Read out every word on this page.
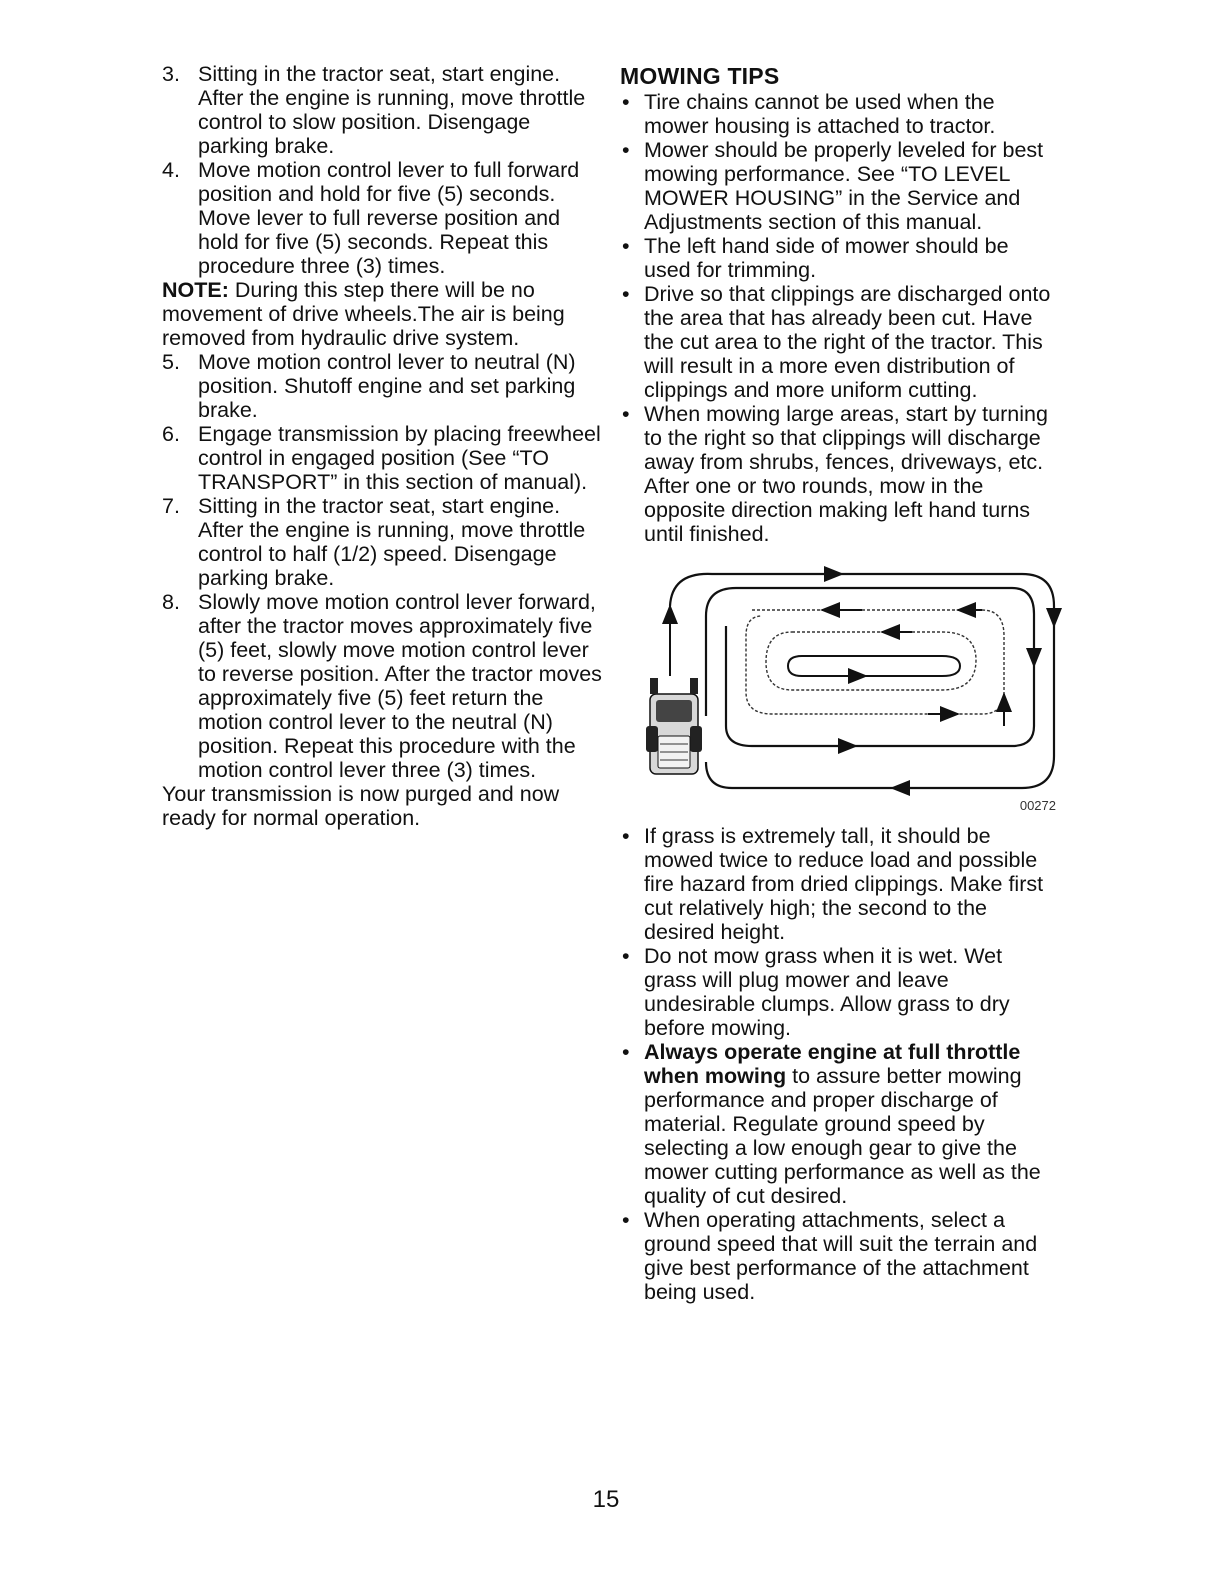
3. Sitting in the tractor seat, start engine. After the engine is running, move throttle control to slow position. Disengage parking brake.
4. Move motion control lever to full forward position and hold for five (5) seconds. Move lever to full reverse position and hold for five (5) seconds. Repeat this procedure three (3) times.
NOTE: During this step there will be no movement of drive wheels.The air is being removed from hydraulic drive system.
5. Move motion control lever to neutral (N) position. Shutoff engine and set parking brake.
6. Engage transmission by placing freewheel control in engaged position (See “TO TRANSPORT” in this section of manual).
7. Sitting in the tractor seat, start engine. After the engine is running, move throttle control to half (1/2) speed. Disengage parking brake.
8. Slowly move motion control lever forward, after the tractor moves approximately five (5) feet, slowly move motion control lever to reverse position. After the tractor moves approximately five (5) feet return the motion control lever to the neutral (N) position. Repeat this procedure with the motion control lever three (3) times.
Your transmission is now purged and now ready for normal operation.
MOWING TIPS
• Tire chains cannot be used when the mower housing is attached to tractor.
• Mower should be properly leveled for best mowing performance. See “TO LEVEL MOWER HOUSING” in the Service and Adjustments section of this manual.
• The left hand side of mower should be used for trimming.
• Drive so that clippings are discharged onto the area that has already been cut. Have the cut area to the right of the tractor. This will result in a more even distribution of clippings and more uniform cutting.
• When mowing large areas, start by turning to the right so that clippings will discharge away from shrubs, fences, driveways, etc. After one or two rounds, mow in the opposite direction making left hand turns until finished.
00272
• If grass is extremely tall, it should be mowed twice to reduce load and possible fire hazard from dried clippings. Make first cut relatively high; the second to the desired height.
• Do not mow grass when it is wet. Wet grass will plug mower and leave undesirable clumps. Allow grass to dry before mowing.
• Always operate engine at full throttle when mowing to assure better mowing performance and proper discharge of material. Regulate ground speed by selecting a low enough gear to give the mower cutting performance as well as the quality of cut desired.
• When operating attachments, select a ground speed that will suit the terrain and give best performance of the attachment being used.
15
